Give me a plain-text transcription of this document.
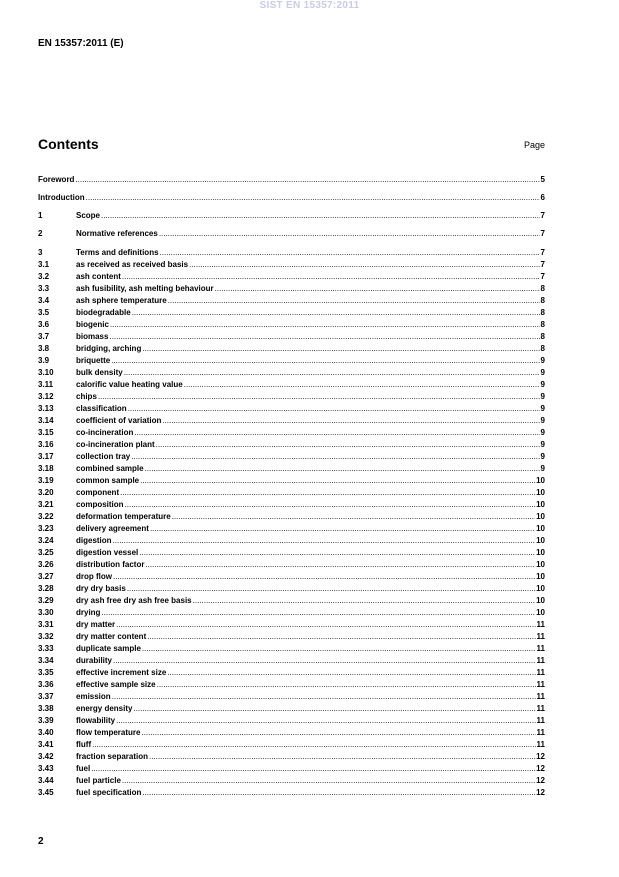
SIST EN 15357:2011
EN 15357:2011 (E)
Contents	Page
Foreword .....	5
Introduction .....	6
1	Scope .....	7
2	Normative references .....	7
3	Terms and definitions .....	7
3.1	as received as received basis .....	7
3.2	ash content .....	7
3.3	ash fusibility, ash melting behaviour .....	8
3.4	ash sphere temperature .....	8
3.5	biodegradable .....	8
3.6	biogenic .....	8
3.7	biomass .....	8
3.8	bridging, arching .....	8
3.9	briquette .....	9
3.10	bulk density .....	9
3.11	calorific value heating value .....	9
3.12	chips .....	9
3.13	classification .....	9
3.14	coefficient of variation .....	9
3.15	co-incineration .....	9
3.16	co-incineration plant .....	9
3.17	collection tray .....	9
3.18	combined sample .....	9
3.19	common sample .....	10
3.20	component .....	10
3.21	composition .....	10
3.22	deformation temperature .....	10
3.23	delivery agreement .....	10
3.24	digestion .....	10
3.25	digestion vessel .....	10
3.26	distribution factor .....	10
3.27	drop flow .....	10
3.28	dry dry basis .....	10
3.29	dry ash free dry ash free basis .....	10
3.30	drying .....	10
3.31	dry matter .....	11
3.32	dry matter content .....	11
3.33	duplicate sample .....	11
3.34	durability .....	11
3.35	effective increment size .....	11
3.36	effective sample size .....	11
3.37	emission .....	11
3.38	energy density .....	11
3.39	flowability .....	11
3.40	flow temperature .....	11
3.41	fluff .....	11
3.42	fraction separation .....	12
3.43	fuel .....	12
3.44	fuel particle .....	12
3.45	fuel specification .....	12
2
